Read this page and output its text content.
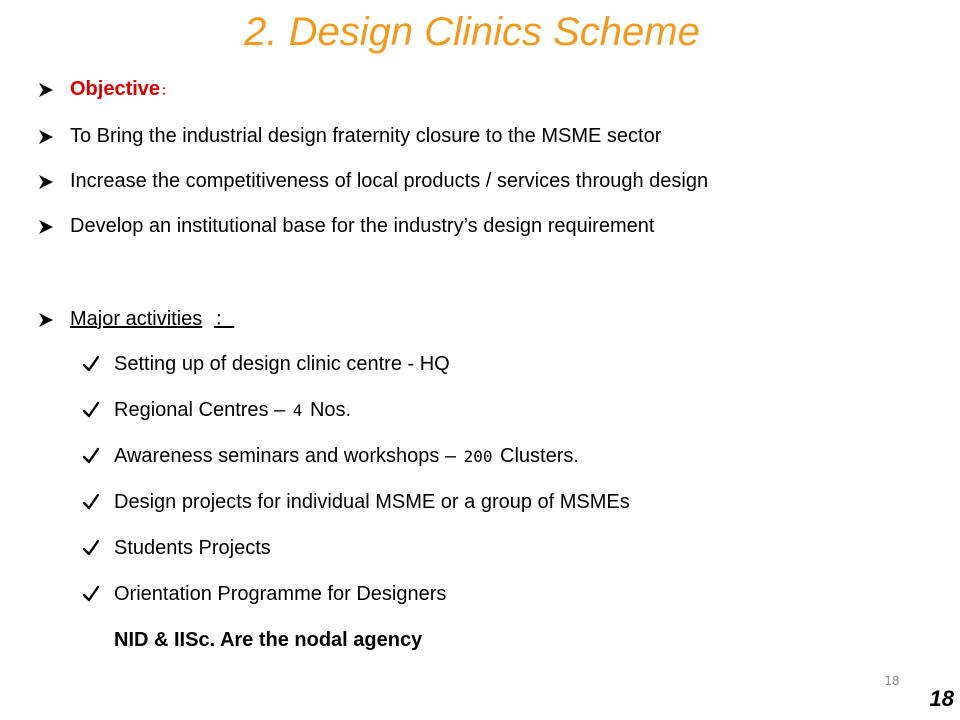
2. Design Clinics Scheme
Objective ：
To Bring the industrial design fraternity closure to the MSME sector
Increase the competitiveness of local products / services through design
Develop an institutional base for the industry’s design requirement
Major activities ：
Setting up of design clinic centre - HQ
Regional Centres – 4 Nos.
Awareness seminars and workshops – 200 Clusters.
Design projects for individual MSME or a group of MSMEs
Students Projects
Orientation Programme for Designers
NID & IISc. Are the nodal agency
18
18
